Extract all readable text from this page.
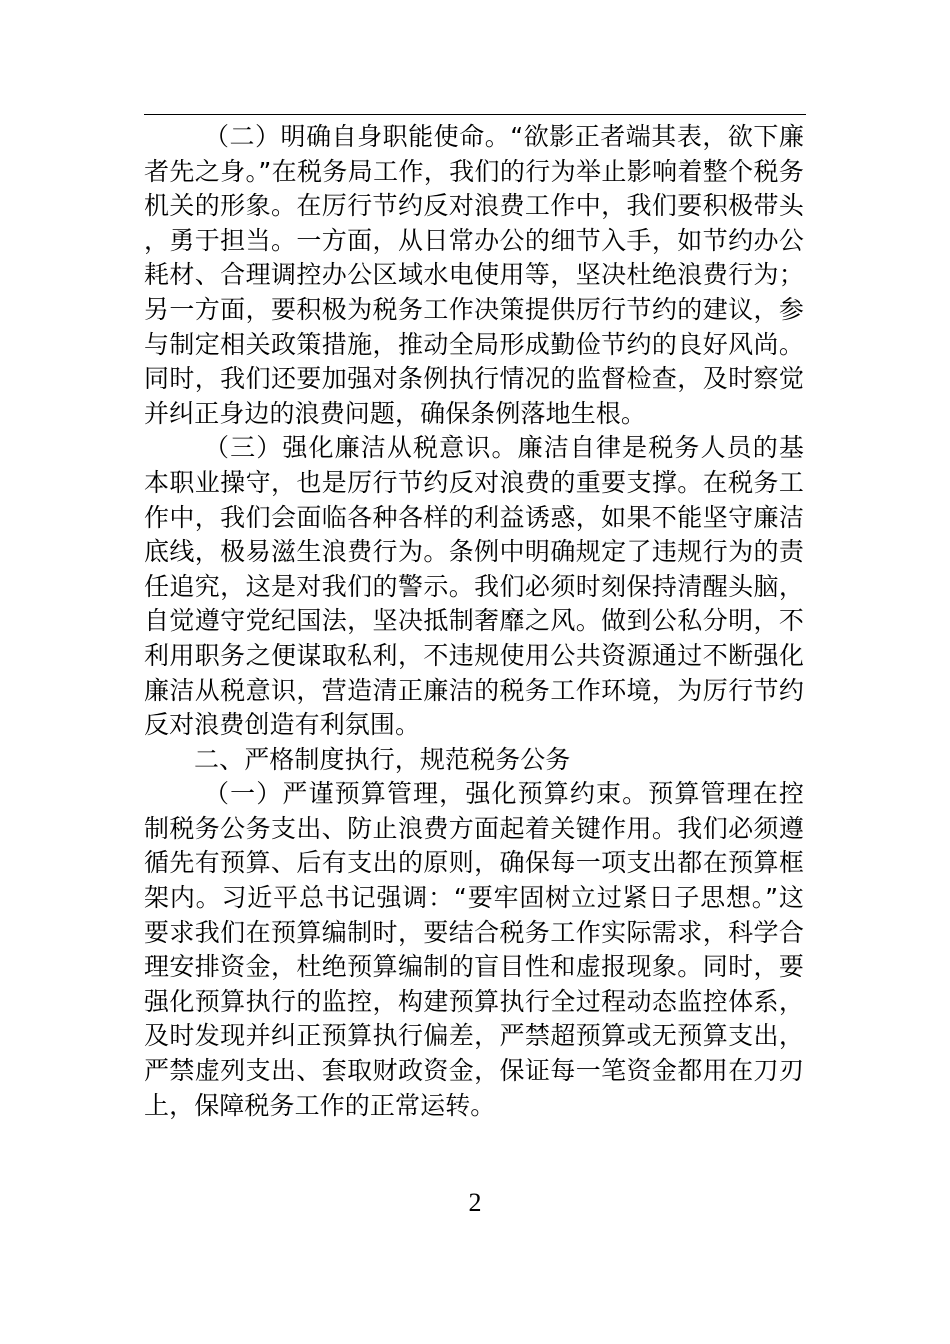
（二）明确自身职能使命。“欲影正者端其表，欲下廉者先之身。”在税务局工作，我们的行为举止影响着整个税务机关的形象。在厉行节约反对浪费工作中，我们要积极带头，勇于担当。一方面，从日常办公的细节入手，如节约办公耗材、合理调控办公区域水电使用等，坚决杜绝浪费行为；另一方面，要积极为税务工作决策提供厉行节约的建议，参与制定相关政策措施，推动全局形成勤俭节约的良好风尚。同时，我们还要加强对条例执行情况的监督检查，及时察觉并纠正身边的浪费问题，确保条例落地生根。

（三）强化廉洁从税意识。廉洁自律是税务人员的基本职业操守，也是厉行节约反对浪费的重要支撑。在税务工作中，我们会面临各种各样的利益诱惑，如果不能坚守廉洁底线，极易滋生浪费行为。条例中明确规定了违规行为的责任追究，这是对我们的警示。我们必须时刻保持清醒头脑，自觉遵守党纪国法，坚决抵制奢靡之风。做到公私分明，不利用职务之便谋取私利，不违规使用公共资源通过不断强化廉洁从税意识，营造清正廉洁的税务工作环境，为厉行节约反对浪费创造有利氛围。

二、严格制度执行，规范税务公务

（一）严谨预算管理，强化预算约束。预算管理在控制税务公务支出、防止浪费方面起着关键作用。我们必须遵循先有预算、后有支出的原则，确保每一项支出都在预算框架内。习近平总书记强调：“要牢固树立过紧日子思想。”这要求我们在预算编制时，要结合税务工作实际需求，科学合理安排资金，杜绝预算编制的盲目性和虚报现象。同时，要强化预算执行的监控，构建预算执行全过程动态监控体系，及时发现并纠正预算执行偏差，严禁超预算或无预算支出，严禁虚列支出、套取财政资金，保证每一笔资金都用在刀刃上，保障税务工作的正常运转。

2
